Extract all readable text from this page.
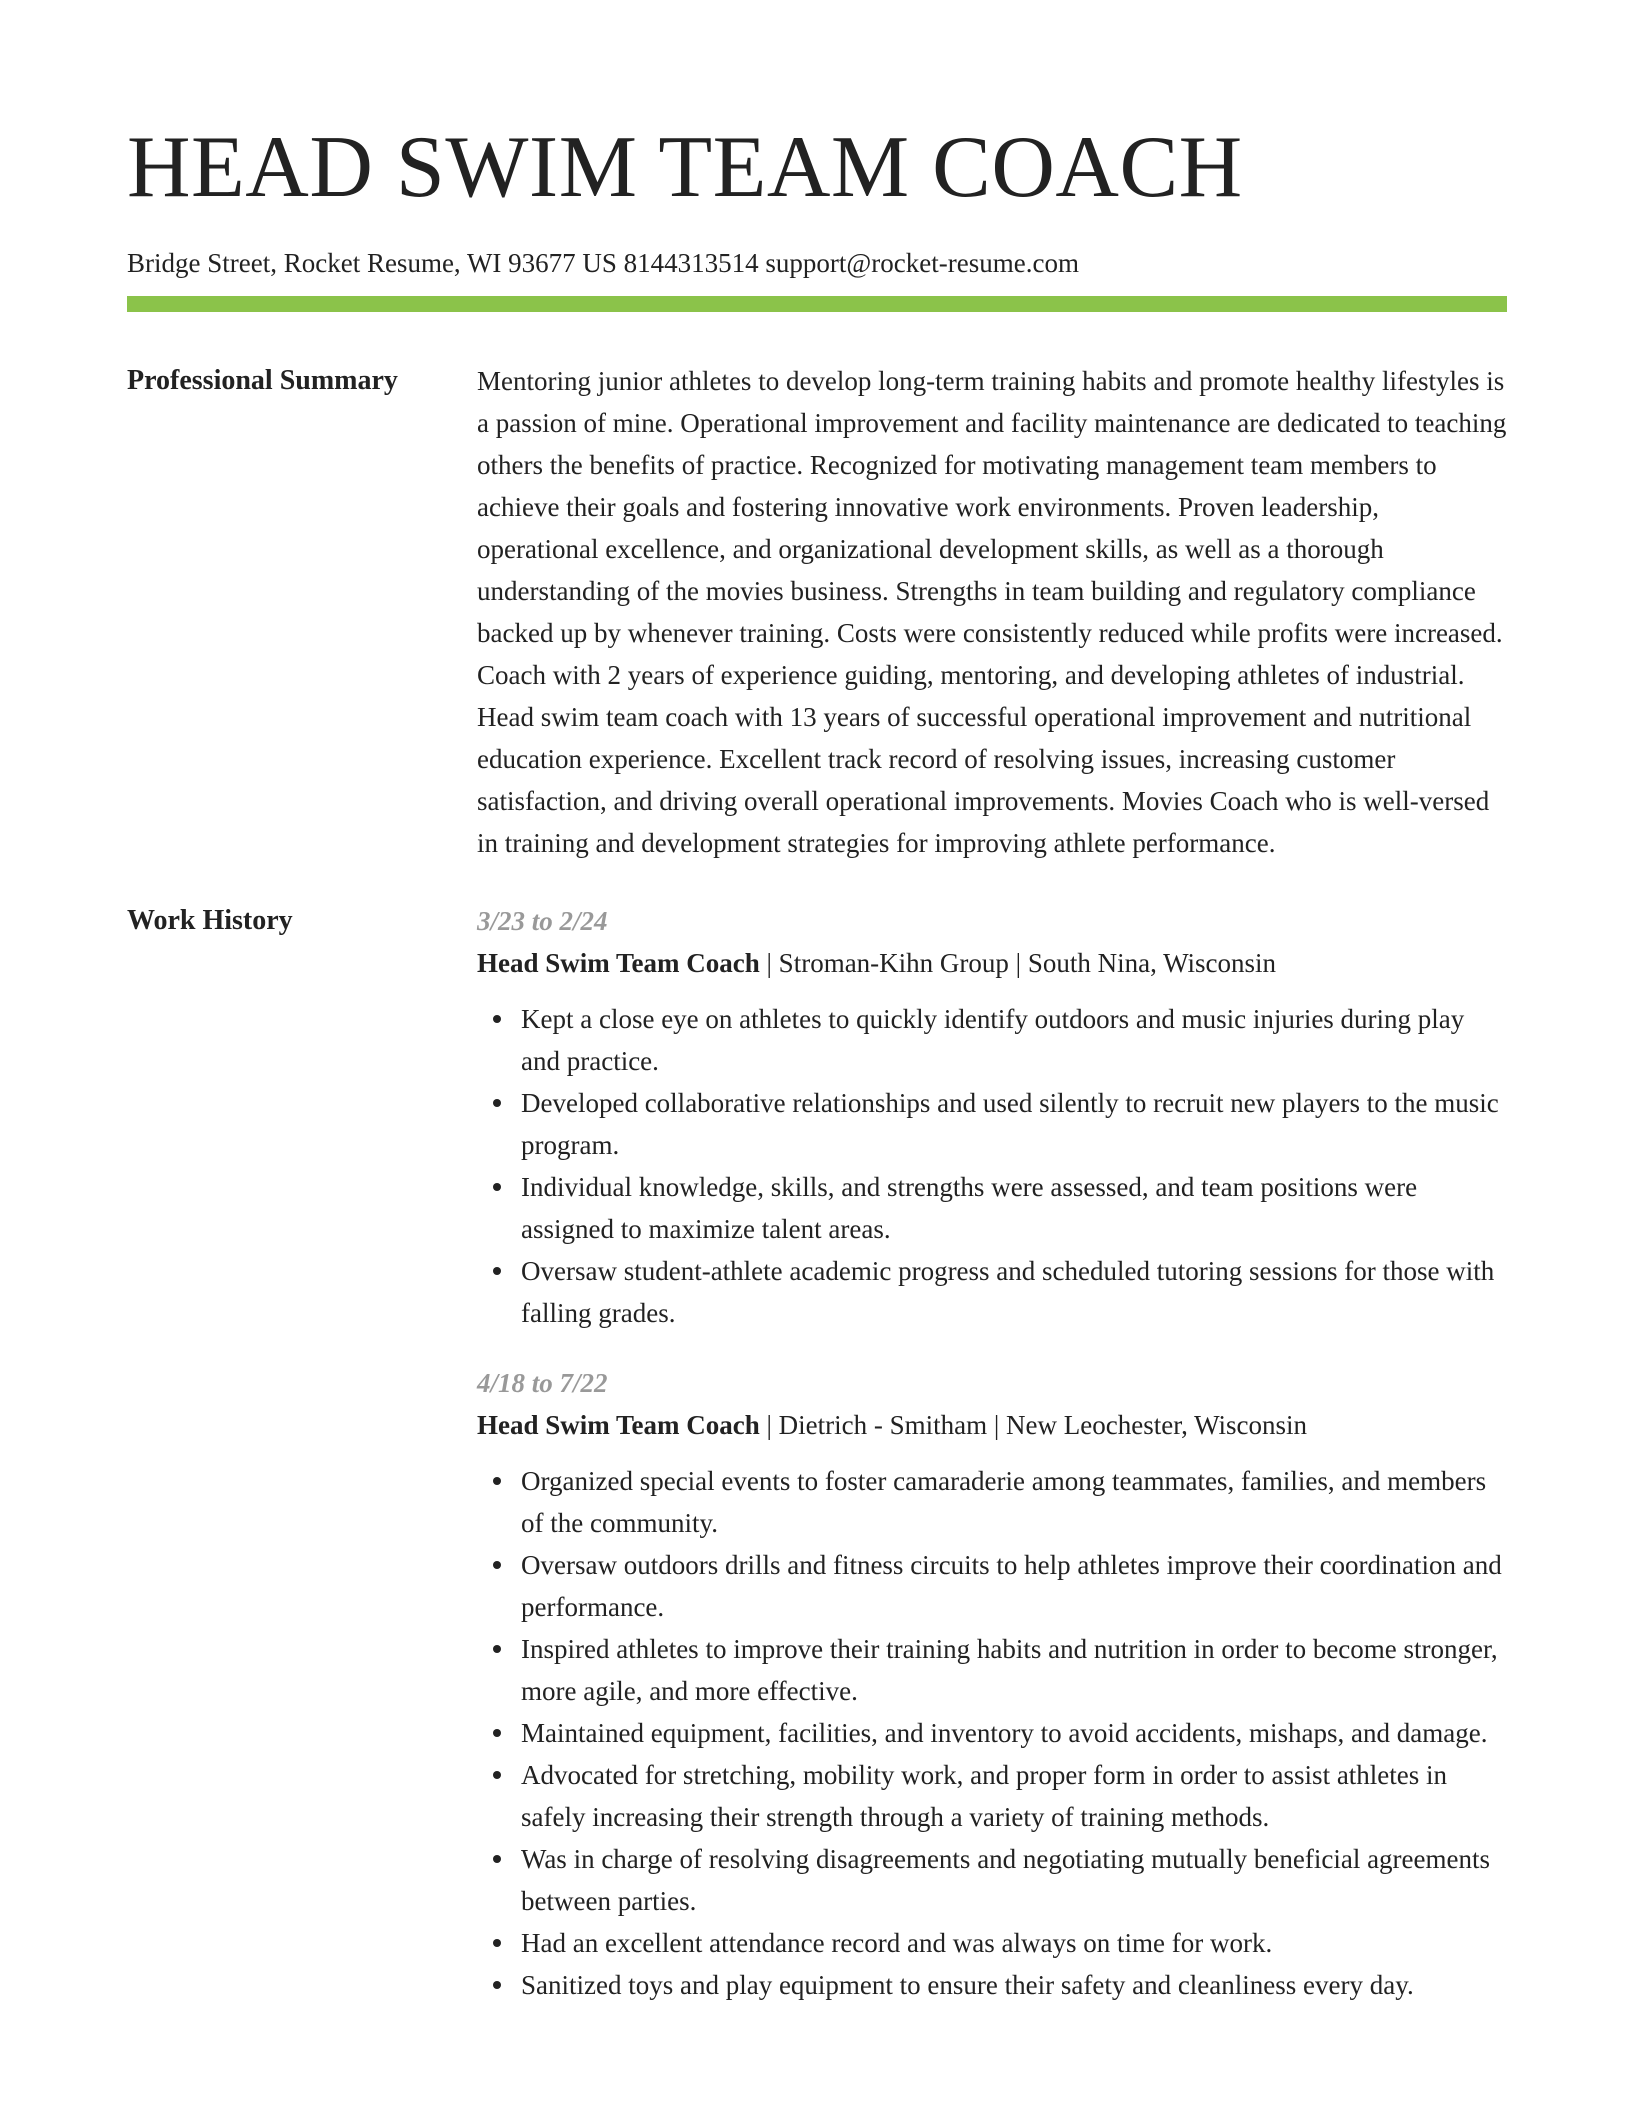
HEAD SWIM TEAM COACH
Bridge Street, Rocket Resume, WI 93677 US 8144313514 support@rocket-resume.com
Professional Summary	Mentoring junior athletes to develop long-term training habits and promote healthy lifestyles is a passion of mine. Operational improvement and facility maintenance are dedicated to teaching others the benefits of practice. Recognized for motivating management team members to achieve their goals and fostering innovative work environments. Proven leadership, operational excellence, and organizational development skills, as well as a thorough understanding of the movies business. Strengths in team building and regulatory compliance backed up by whenever training. Costs were consistently reduced while profits were increased. Coach with 2 years of experience guiding, mentoring, and developing athletes of industrial. Head swim team coach with 13 years of successful operational improvement and nutritional education experience. Excellent track record of resolving issues, increasing customer satisfaction, and driving overall operational improvements. Movies Coach who is well-versed in training and development strategies for improving athlete performance.

Work History	3/23 to 2/24
Head Swim Team Coach | Stroman-Kihn Group | South Nina, Wisconsin
Kept a close eye on athletes to quickly identify outdoors and music injuries during play and practice.
Developed collaborative relationships and used silently to recruit new players to the music program.
Individual knowledge, skills, and strengths were assessed, and team positions were assigned to maximize talent areas.
Oversaw student-athlete academic progress and scheduled tutoring sessions for those with falling grades.
4/18 to 7/22
Head Swim Team Coach | Dietrich - Smitham | New Leochester, Wisconsin
Organized special events to foster camaraderie among teammates, families, and members of the community.
Oversaw outdoors drills and fitness circuits to help athletes improve their coordination and performance.
Inspired athletes to improve their training habits and nutrition in order to become stronger, more agile, and more effective.
Maintained equipment, facilities, and inventory to avoid accidents, mishaps, and damage.
Advocated for stretching, mobility work, and proper form in order to assist athletes in safely increasing their strength through a variety of training methods.
Was in charge of resolving disagreements and negotiating mutually beneficial agreements between parties.
Had an excellent attendance record and was always on time for work.
Sanitized toys and play equipment to ensure their safety and cleanliness every day.
